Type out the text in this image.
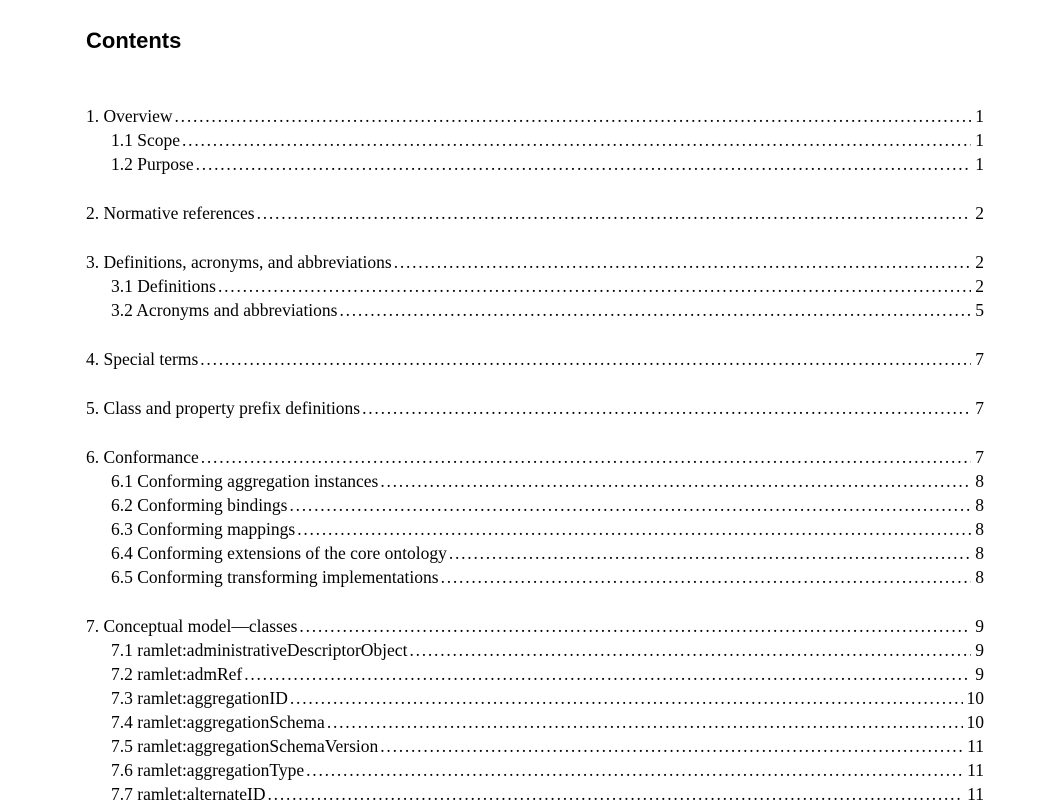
Contents
1. Overview . . .	1
1.1 Scope . . .	1
1.2 Purpose . . .	1
2. Normative references . . .	2
3. Definitions, acronyms, and abbreviations . . .	2
3.1 Definitions . . .	2
3.2 Acronyms and abbreviations . . .	5
4. Special terms . . .	7
5. Class and property prefix definitions . . .	7
6. Conformance . . .	7
6.1 Conforming aggregation instances . . .	8
6.2 Conforming bindings . . .	8
6.3 Conforming mappings . . .	8
6.4 Conforming extensions of the core ontology . . .	8
6.5 Conforming transforming implementations . . .	8
7. Conceptual model—classes . . .	9
7.1 ramlet:administrativeDescriptorObject . . .	9
7.2 ramlet:admRef . . .	9
7.3 ramlet:aggregationID . . .	10
7.4 ramlet:aggregationSchema . . .	10
7.5 ramlet:aggregationSchemaVersion . . .	11
7.6 ramlet:aggregationType . . .	11
7.7 ramlet:alternateID . . .	11
